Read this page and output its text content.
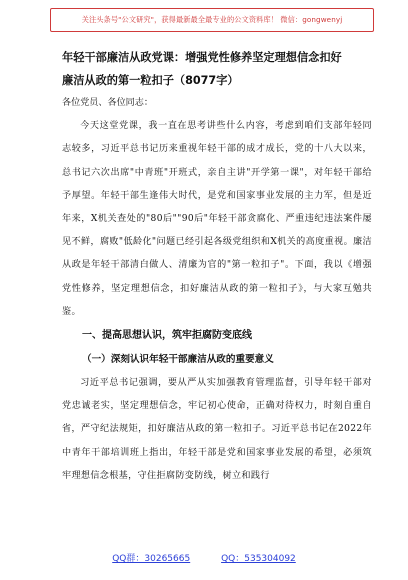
关注头条号"公文研究"，获得最新最全最专业的公文资料库！ 微信：gongwenyj

年轻干部廉洁从政党课：增强党性修养坚定理想信念扣好
廉洁从政的第一粒扣子（8077字）

各位党员、各位同志：

今天这堂党课，我一直在思考讲些什么内容，考虑到咱们支部年轻同志较多，习近平总书记历来重视年轻干部的成才成长，党的十八大以来，总书记六次出席"中青班"开班式，亲自主讲"开学第一课"，对年轻干部给予厚望。年轻干部生逢伟大时代，是党和国家事业发展的主力军，但是近年来，X机关查处的"80后""90后"年轻干部贪腐化、严重违纪违法案件屡见不鲜，腐败"低龄化"问题已经引起各级党组织和X机关的高度重视。廉洁从政是年轻干部清白做人、清廉为官的"第一粒扣子"。下面，我以《增强党性修养，坚定理想信念，扣好廉洁从政的第一粒扣子》，与大家互勉共鉴。

一、提高思想认识，筑牢拒腐防变底线

（一）深刻认识年轻干部廉洁从政的重要意义

习近平总书记强调，要从严从实加强教育管理监督，引导年轻干部对党忠诚老实，坚定理想信念，牢记初心使命，正确对待权力，时刻自重自省，严守纪法规矩，扣好廉洁从政的第一粒扣子。习近平总书记在2022年中青年干部培训班上指出，年轻干部是党和国家事业发展的希望，必须筑牢理想信念根基，守住拒腐防变防线，树立和践行

QQ群：30265665	QQ：535304092
